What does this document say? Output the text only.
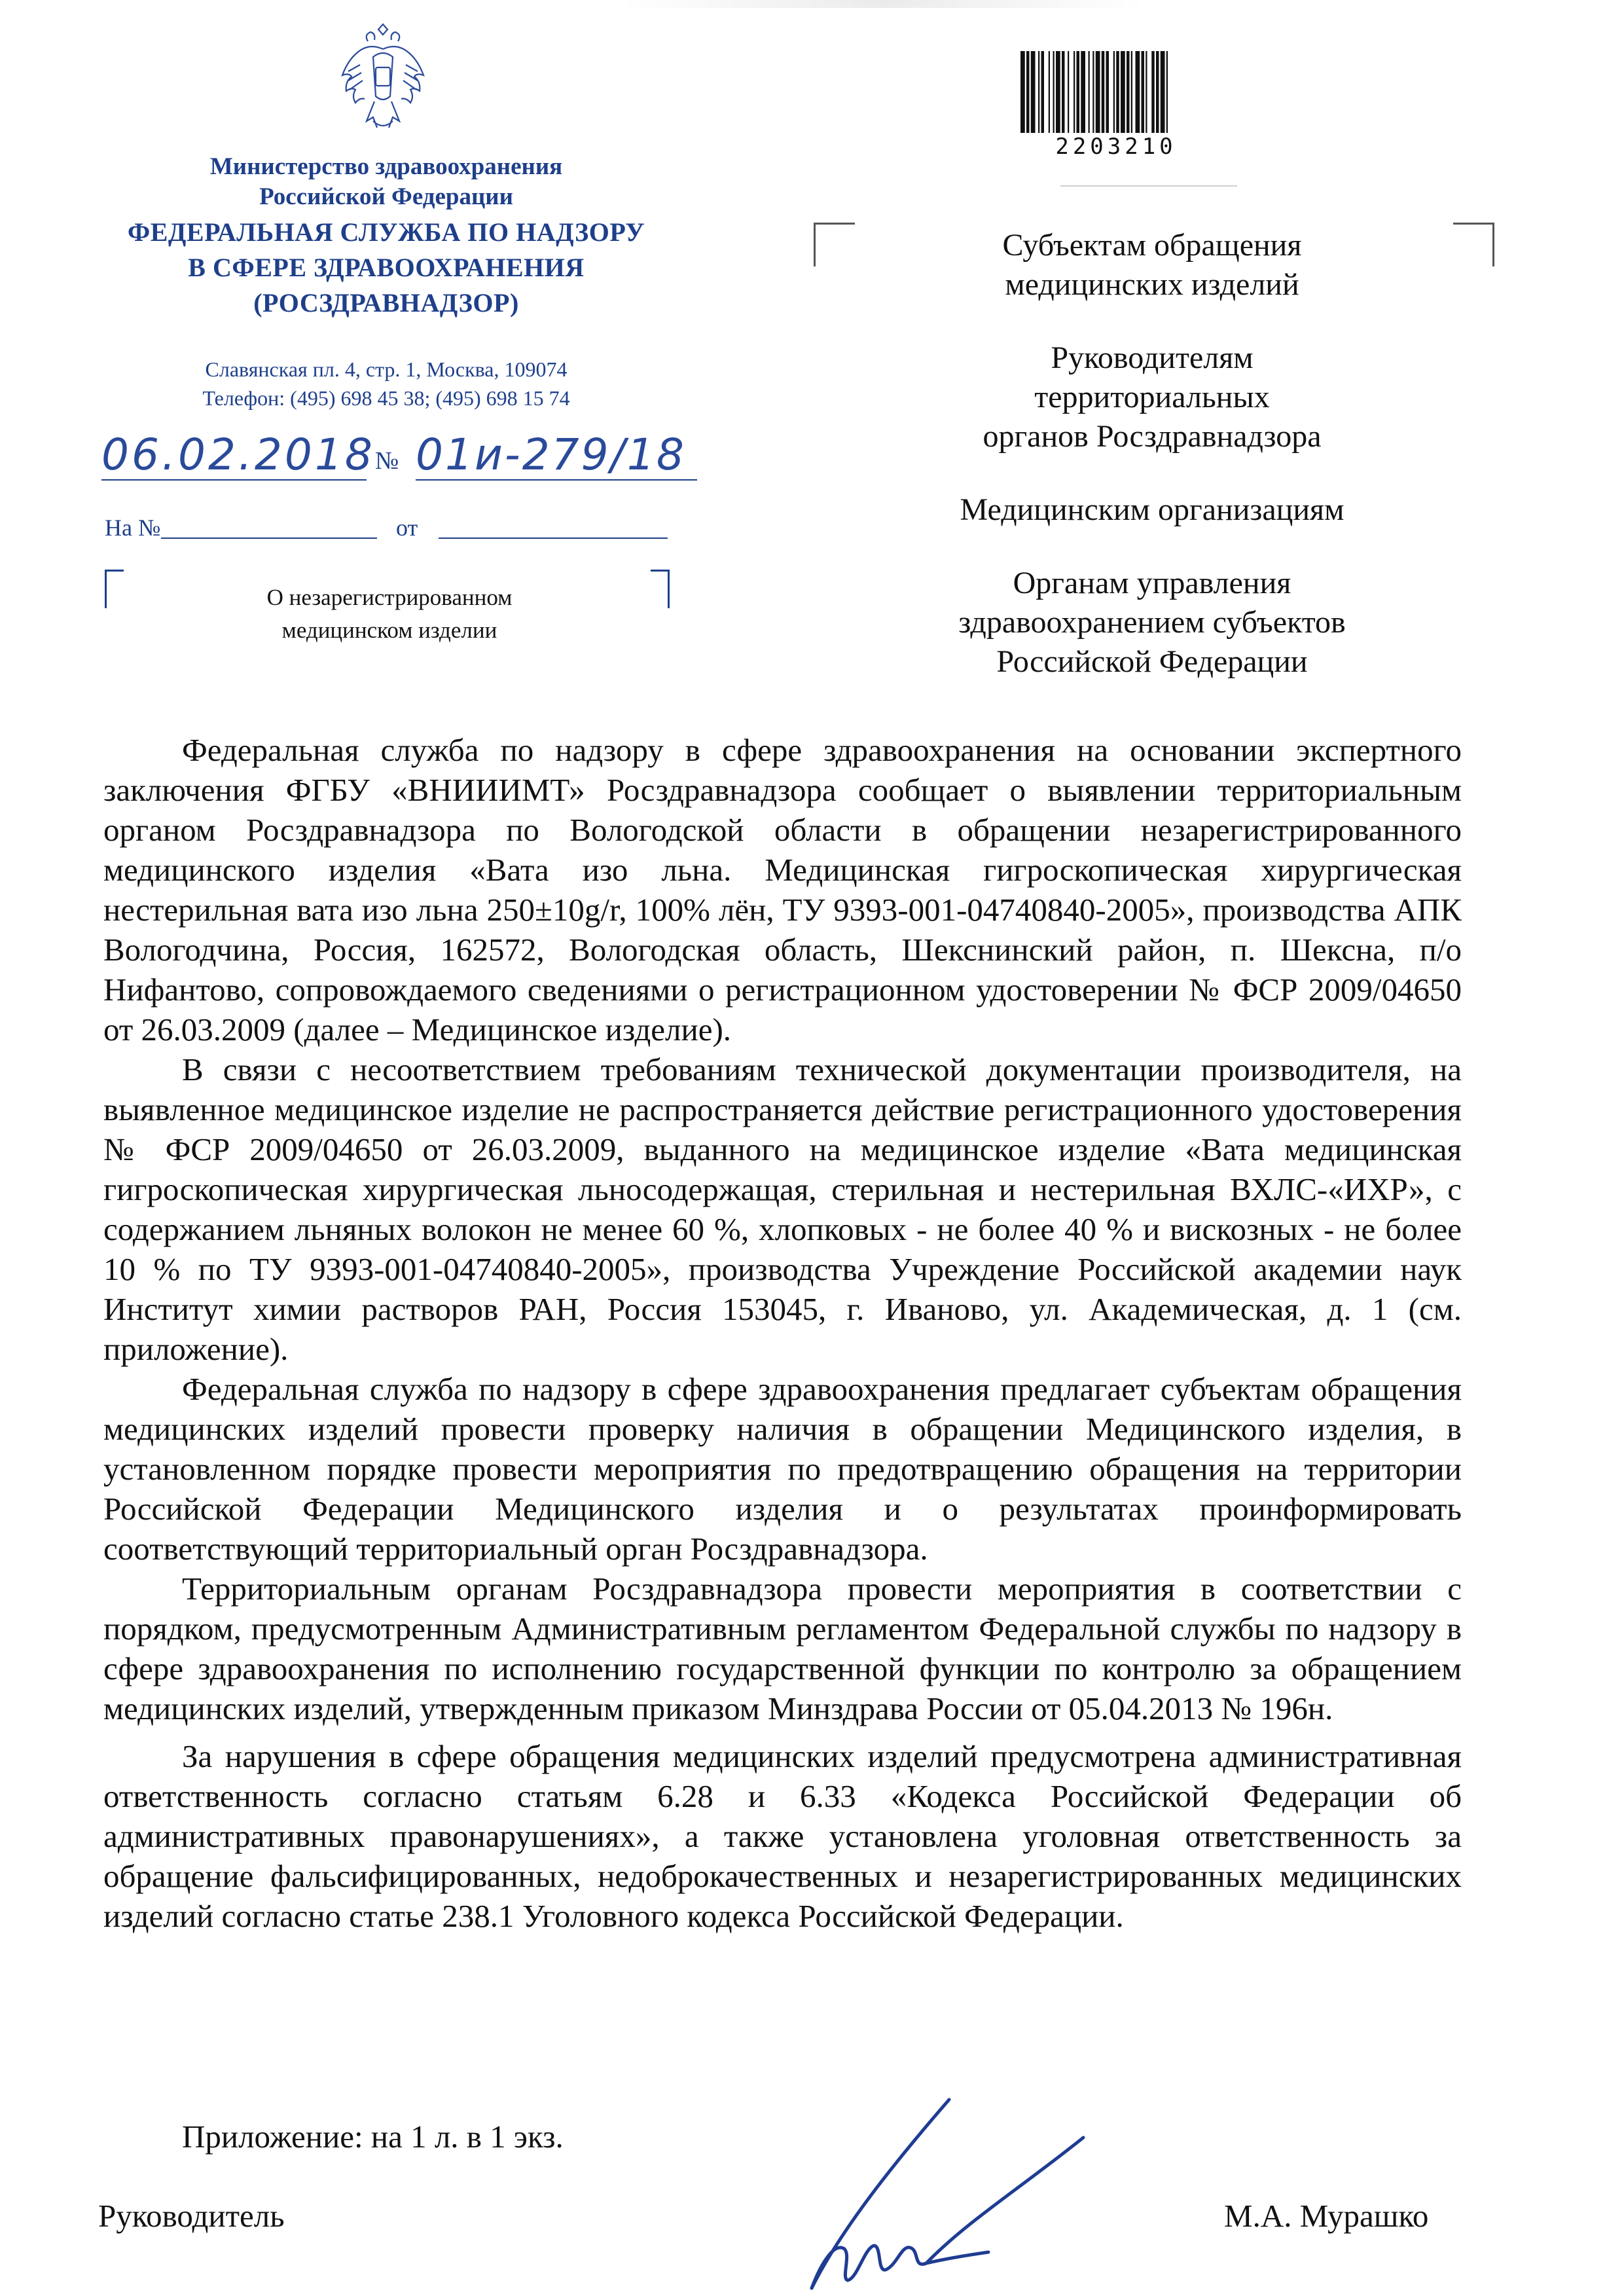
Министерство здравоохранения
Российской Федерации
ФЕДЕРАЛЬНАЯ СЛУЖБА ПО НАДЗОРУ
В СФЕРЕ ЗДРАВООХРАНЕНИЯ
(РОСЗДРАВНАДЗОР)
Славянская пл. 4, стр. 1, Москва, 109074
Телефон: (495) 698 45 38; (495) 698 15 74
06.02.2018 № 01и-279/18
На №	от
О незарегистрированном
медицинском изделии
2203210
Субъектам обращения
медицинских изделий
Руководителям
территориальных
органов Росздравнадзора
Медицинским организациям
Органам управления
здравоохранением субъектов
Российской Федерации

Федеральная служба по надзору в сфере здравоохранения на основании экспертного заключения ФГБУ «ВНИИИМТ» Росздравнадзора сообщает о выявлении территориальным органом Росздравнадзора по Вологодской области в обращении незарегистрированного медицинского изделия «Вата изо льна. Медицинская гигроскопическая хирургическая нестерильная вата изо льна 250±10g/r, 100% лён, ТУ 9393-001-04740840-2005», производства АПК Вологодчина, Россия, 162572, Вологодская область, Шекснинский район, п. Шексна, п/о Нифантово, сопровождаемого сведениями о регистрационном удостоверении № ФСР 2009/04650 от 26.03.2009 (далее – Медицинское изделие).

В связи с несоответствием требованиям технической документации производителя, на выявленное медицинское изделие не распространяется действие регистрационного удостоверения № ФСР 2009/04650 от 26.03.2009, выданного на медицинское изделие «Вата медицинская гигроскопическая хирургическая льносодержащая, стерильная и нестерильная ВХЛС-«ИХР», с содержанием льняных волокон не менее 60 %, хлопковых - не более 40 % и вискозных - не более 10 % по ТУ 9393-001-04740840-2005», производства Учреждение Российской академии наук Институт химии растворов РАН, Россия 153045, г. Иваново, ул. Академическая, д. 1 (см. приложение).

Федеральная служба по надзору в сфере здравоохранения предлагает субъектам обращения медицинских изделий провести проверку наличия в обращении Медицинского изделия, в установленном порядке провести мероприятия по предотвращению обращения на территории Российской Федерации Медицинского изделия и о результатах проинформировать соответствующий территориальный орган Росздравнадзора.

Территориальным органам Росздравнадзора провести мероприятия в соответствии с порядком, предусмотренным Административным регламентом Федеральной службы по надзору в сфере здравоохранения по исполнению государственной функции по контролю за обращением медицинских изделий, утвержденным приказом Минздрава России от 05.04.2013 № 196н.

За нарушения в сфере обращения медицинских изделий предусмотрена административная ответственность согласно статьям 6.28 и 6.33 «Кодекса Российской Федерации об административных правонарушениях», а также установлена уголовная ответственность за обращение фальсифицированных, недоброкачественных и незарегистрированных медицинских изделий согласно статье 238.1 Уголовного кодекса Российской Федерации.

Приложение: на 1 л. в 1 экз.
Руководитель	М.А. Мурашко
